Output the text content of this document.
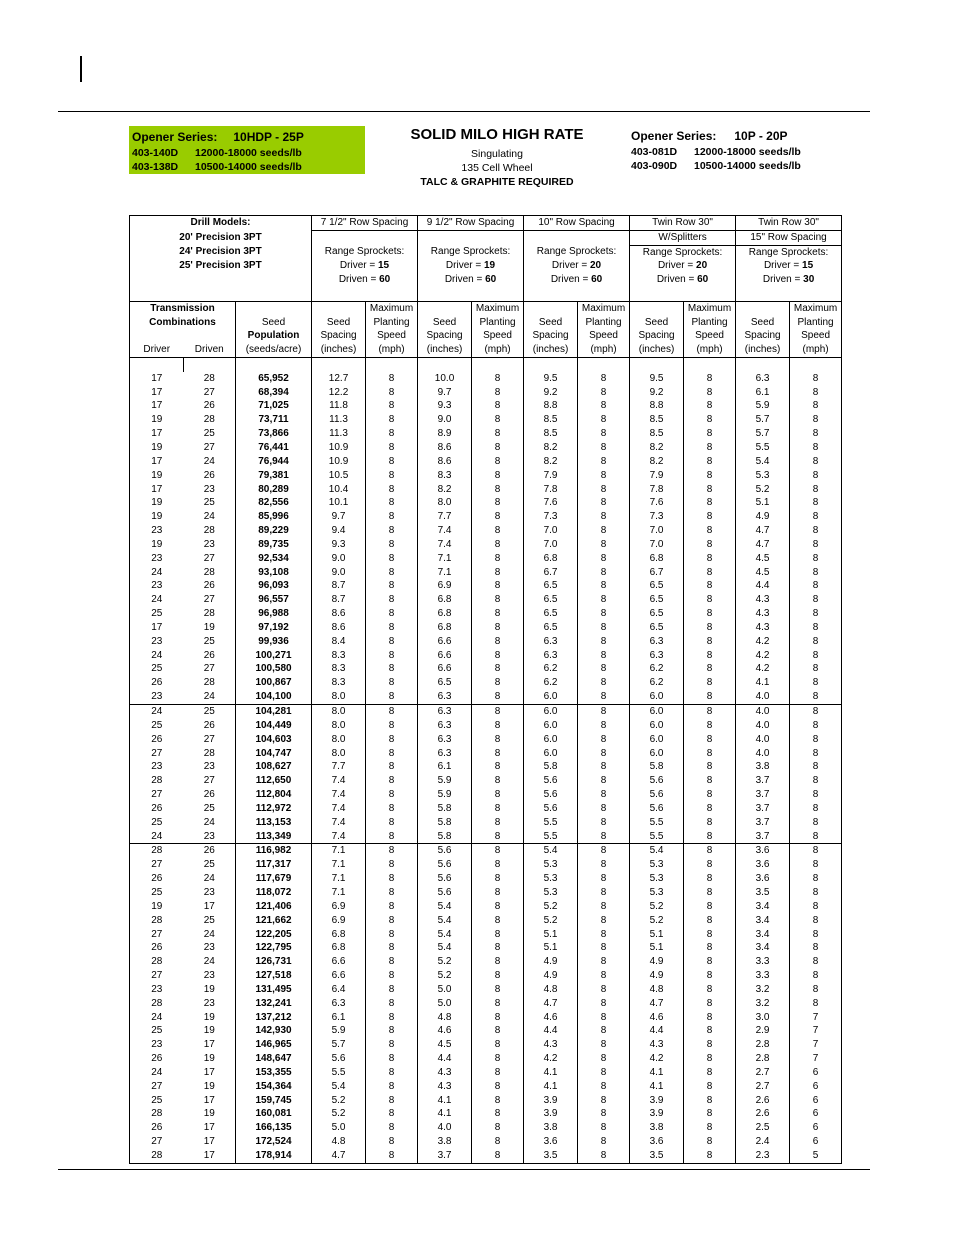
Opener Series: 10HDP - 25P
403-140D 12000-18000 seeds/lb
403-138D 10500-14000 seeds/lb
SOLID MILO HIGH RATE
Singulating
135 Cell Wheel
TALC & GRAPHITE REQUIRED
Opener Series: 10P - 20P
403-081D 12000-18000 seeds/lb
403-090D 10500-14000 seeds/lb
Drill Models:			7 1/2" Row Spacing		9 1/2" Row Spacing		10" Row Spacing		Twin Row 30"		Twin Row 30"	
20' Precision 3PT									W/Splitters		15" Row Spacing	
24' Precision 3PT			Range Sprockets:		Range Sprockets:		Range Sprockets:		Range Sprockets:		Range Sprockets:	
25' Precision 3PT			Driver = 15		Driver = 19		Driver = 20		Driver = 20		Driver = 15	
			Driven = 60		Driven = 60		Driven = 60		Driven = 60		Driven = 30	

Transmission				Maximum		Maximum		Maximum		Maximum		Maximum
Combinations		Seed	Seed	Planting	Seed	Planting	Seed	Planting	Seed	Planting	Seed	Planting
		Population	Spacing	Speed	Spacing	Speed	Spacing	Speed	Spacing	Speed	Spacing	Speed
Driver	Driven	(seeds/acre)	(inches)	(mph)	(inches)	(mph)	(inches)	(mph)	(inches)	(mph)	(inches)	(mph)

17	28	65,952	12.7	8	10.0	8	9.5	8	9.5	8	6.3	8
17	27	68,394	12.2	8	9.7	8	9.2	8	9.2	8	6.1	8
17	26	71,025	11.8	8	9.3	8	8.8	8	8.8	8	5.9	8
19	28	73,711	11.3	8	9.0	8	8.5	8	8.5	8	5.7	8
17	25	73,866	11.3	8	8.9	8	8.5	8	8.5	8	5.7	8
19	27	76,441	10.9	8	8.6	8	8.2	8	8.2	8	5.5	8
17	24	76,944	10.9	8	8.6	8	8.2	8	8.2	8	5.4	8
19	26	79,381	10.5	8	8.3	8	7.9	8	7.9	8	5.3	8
17	23	80,289	10.4	8	8.2	8	7.8	8	7.8	8	5.2	8
19	25	82,556	10.1	8	8.0	8	7.6	8	7.6	8	5.1	8
19	24	85,996	9.7	8	7.7	8	7.3	8	7.3	8	4.9	8
23	28	89,229	9.4	8	7.4	8	7.0	8	7.0	8	4.7	8
19	23	89,735	9.3	8	7.4	8	7.0	8	7.0	8	4.7	8
23	27	92,534	9.0	8	7.1	8	6.8	8	6.8	8	4.5	8
24	28	93,108	9.0	8	7.1	8	6.7	8	6.7	8	4.5	8
23	26	96,093	8.7	8	6.9	8	6.5	8	6.5	8	4.4	8
24	27	96,557	8.7	8	6.8	8	6.5	8	6.5	8	4.3	8
25	28	96,988	8.6	8	6.8	8	6.5	8	6.5	8	4.3	8
17	19	97,192	8.6	8	6.8	8	6.5	8	6.5	8	4.3	8
23	25	99,936	8.4	8	6.6	8	6.3	8	6.3	8	4.2	8
24	26	100,271	8.3	8	6.6	8	6.3	8	6.3	8	4.2	8
25	27	100,580	8.3	8	6.6	8	6.2	8	6.2	8	4.2	8
26	28	100,867	8.3	8	6.5	8	6.2	8	6.2	8	4.1	8
23	24	104,100	8.0	8	6.3	8	6.0	8	6.0	8	4.0	8
24	25	104,281	8.0	8	6.3	8	6.0	8	6.0	8	4.0	8
25	26	104,449	8.0	8	6.3	8	6.0	8	6.0	8	4.0	8
26	27	104,603	8.0	8	6.3	8	6.0	8	6.0	8	4.0	8
27	28	104,747	8.0	8	6.3	8	6.0	8	6.0	8	4.0	8
23	23	108,627	7.7	8	6.1	8	5.8	8	5.8	8	3.8	8
28	27	112,650	7.4	8	5.9	8	5.6	8	5.6	8	3.7	8
27	26	112,804	7.4	8	5.9	8	5.6	8	5.6	8	3.7	8
26	25	112,972	7.4	8	5.8	8	5.6	8	5.6	8	3.7	8
25	24	113,153	7.4	8	5.8	8	5.5	8	5.5	8	3.7	8
24	23	113,349	7.4	8	5.8	8	5.5	8	5.5	8	3.7	8
28	26	116,982	7.1	8	5.6	8	5.4	8	5.4	8	3.6	8
27	25	117,317	7.1	8	5.6	8	5.3	8	5.3	8	3.6	8
26	24	117,679	7.1	8	5.6	8	5.3	8	5.3	8	3.6	8
25	23	118,072	7.1	8	5.6	8	5.3	8	5.3	8	3.5	8
19	17	121,406	6.9	8	5.4	8	5.2	8	5.2	8	3.4	8
28	25	121,662	6.9	8	5.4	8	5.2	8	5.2	8	3.4	8
27	24	122,205	6.8	8	5.4	8	5.1	8	5.1	8	3.4	8
26	23	122,795	6.8	8	5.4	8	5.1	8	5.1	8	3.4	8
28	24	126,731	6.6	8	5.2	8	4.9	8	4.9	8	3.3	8
27	23	127,518	6.6	8	5.2	8	4.9	8	4.9	8	3.3	8
23	19	131,495	6.4	8	5.0	8	4.8	8	4.8	8	3.2	8
28	23	132,241	6.3	8	5.0	8	4.7	8	4.7	8	3.2	8
24	19	137,212	6.1	8	4.8	8	4.6	8	4.6	8	3.0	7
25	19	142,930	5.9	8	4.6	8	4.4	8	4.4	8	2.9	7
23	17	146,965	5.7	8	4.5	8	4.3	8	4.3	8	2.8	7
26	19	148,647	5.6	8	4.4	8	4.2	8	4.2	8	2.8	7
24	17	153,355	5.5	8	4.3	8	4.1	8	4.1	8	2.7	6
27	19	154,364	5.4	8	4.3	8	4.1	8	4.1	8	2.7	6
25	17	159,745	5.2	8	4.1	8	3.9	8	3.9	8	2.6	6
28	19	160,081	5.2	8	4.1	8	3.9	8	3.9	8	2.6	6
26	17	166,135	5.0	8	4.0	8	3.8	8	3.8	8	2.5	6
27	17	172,524	4.8	8	3.8	8	3.6	8	3.6	8	2.4	6
28	17	178,914	4.7	8	3.7	8	3.5	8	3.5	8	2.3	5
